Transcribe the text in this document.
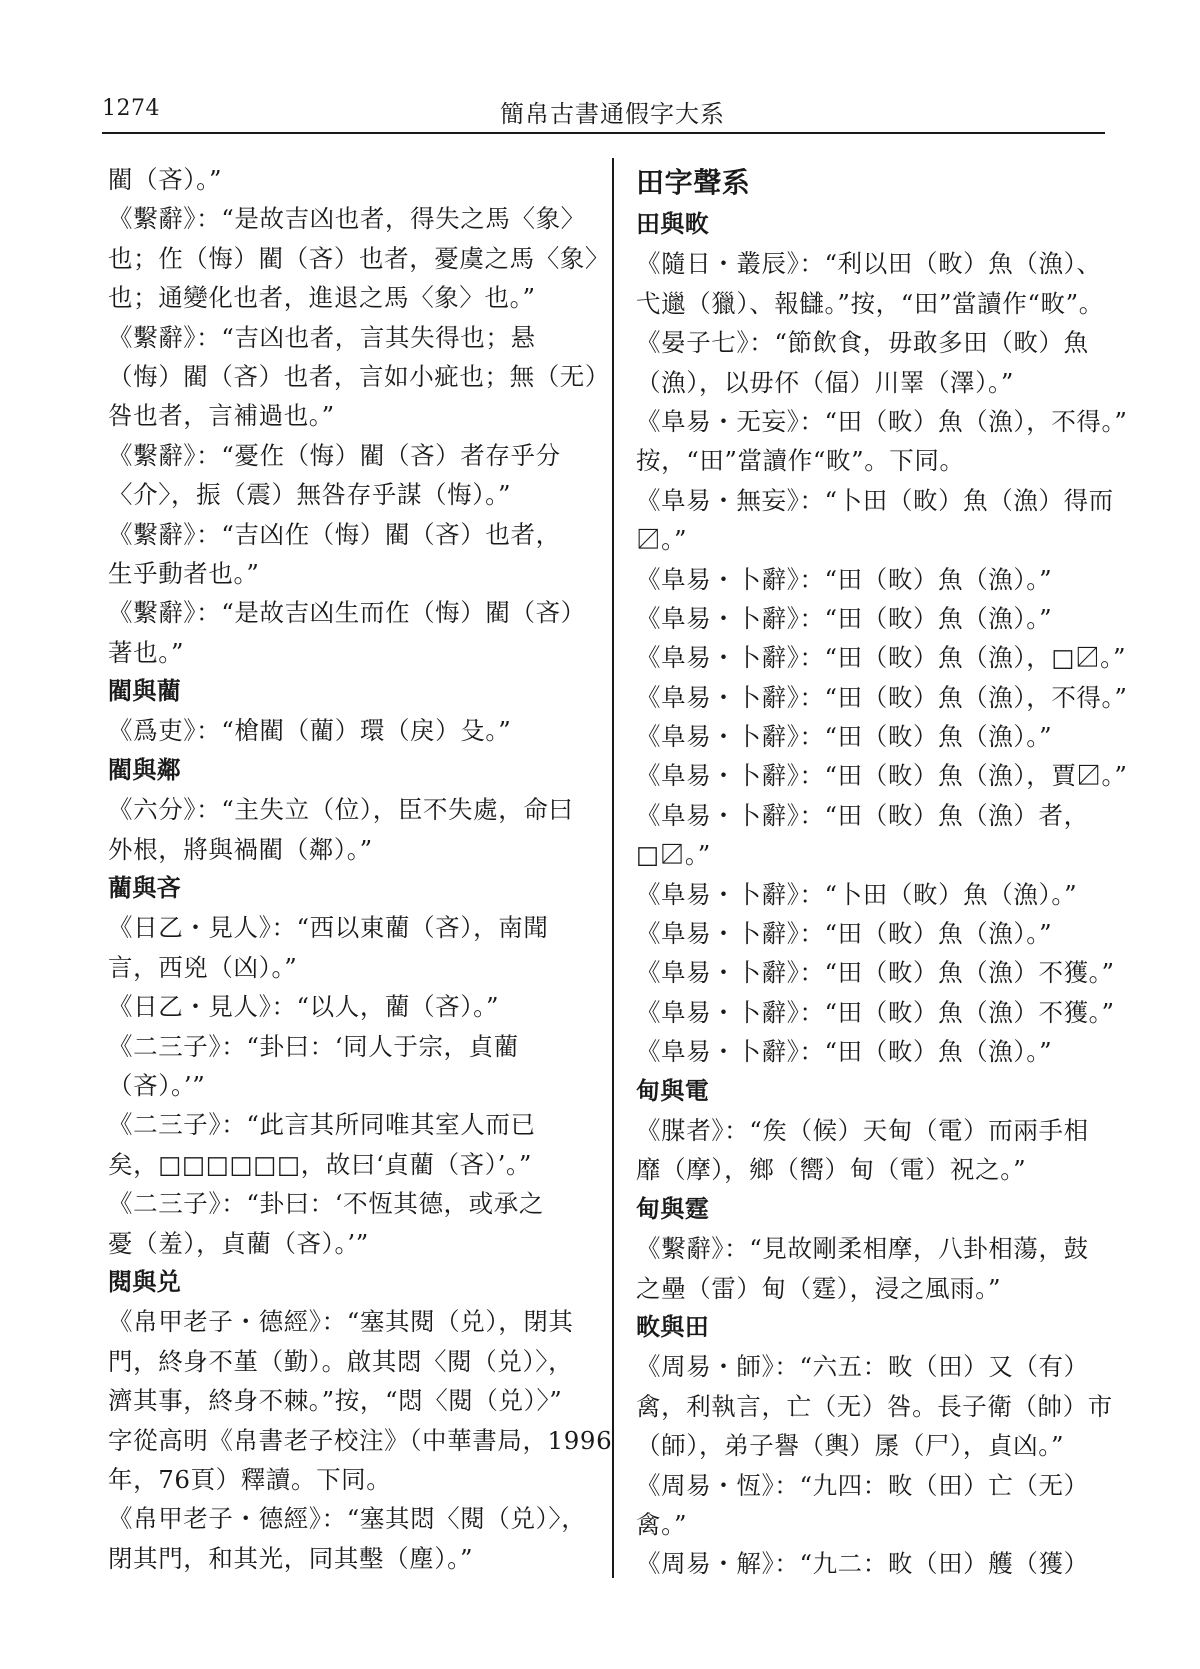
1274	簡帛古書通假字大系
閵（吝）。”
《繫辭》：“是故吉凶也者，得失之馬〈象〉
也；㑅（悔）閵（吝）也者，憂虞之馬〈象〉
也；通變化也者，進退之馬〈象〉也。”
《繫辭》：“吉凶也者，言其失得也；悬
（悔）閵（吝）也者，言如小疵也；無（无）
咎也者，言補過也。”
《繫辭》：“憂㑅（悔）閵（吝）者存乎分
〈介〉，振（震）無咎存乎謀（悔）。”
《繫辭》：“吉凶㑅（悔）閵（吝）也者，
生乎動者也。”
《繫辭》：“是故吉凶生而㑅（悔）閵（吝）
著也。”
閵與藺
《爲吏》：“槍閵（藺）環（戾）殳。”
閵與鄰
《六分》：“主失立（位），臣不失處，命曰
外根，將與禍閵（鄰）。”
藺與吝
《日乙・見人》：“西以東藺（吝），南聞
言，西兇（凶）。”
《日乙・見人》：“以人，藺（吝）。”
《二三子》：“卦曰：‘同人于宗，貞藺
（吝）。’”
《二三子》：“此言其所同唯其室人而已
矣，□□□□□□，故曰‘貞藺（吝）’。”
《二三子》：“卦曰：‘不恆其德，或承之
憂（羞），貞藺（吝）。’”
閱與兑
《帛甲老子・德經》：“塞其閱（兑），閉其
門，終身不堇（勤）。啟其悶〈閱（兑）〉，
濟其事，終身不棘。”按，“悶〈閱（兑）〉”
字從高明《帛書老子校注》（中華書局，1996
年，76頁）釋讀。下同。
《帛甲老子・德經》：“塞其悶〈閱（兑）〉，
閉其門，和其光，同其墼（塵）。”
田字聲系
田與畋
《隨日・叢辰》：“利以田（畋）魚（漁）、
弋邋（獵）、報讎。”按，“田”當讀作“畋”。
《晏子七》：“節飲食，毋敢多田（畋）魚
（漁），以毋伓（偪）川睪（澤）。”
《阜易・无妄》：“田（畋）魚（漁），不得。”
按，“田”當讀作“畋”。下同。
《阜易・無妄》：“卜田（畋）魚（漁）得而
〼。”
《阜易・卜辭》：“田（畋）魚（漁）。”
《阜易・卜辭》：“田（畋）魚（漁）。”
《阜易・卜辭》：“田（畋）魚（漁），□〼。”
《阜易・卜辭》：“田（畋）魚（漁），不得。”
《阜易・卜辭》：“田（畋）魚（漁）。”
《阜易・卜辭》：“田（畋）魚（漁），賈〼。”
《阜易・卜辭》：“田（畋）魚（漁）者，
□〼。”
《阜易・卜辭》：“卜田（畋）魚（漁）。”
《阜易・卜辭》：“田（畋）魚（漁）。”
《阜易・卜辭》：“田（畋）魚（漁）不獲。”
《阜易・卜辭》：“田（畋）魚（漁）不獲。”
《阜易・卜辭》：“田（畋）魚（漁）。”
甸與電
《腜者》：“矦（候）天甸（電）而兩手相
靡（摩），鄉（嚮）甸（電）祝之。”
甸與霆
《繫辭》：“見故剛柔相摩，八卦相蕩，鼓
之壘（雷）甸（霆），浸之風雨。”
畋與田
《周易・師》：“六五：畋（田）又（有）
禽，利執言，亡（无）咎。長子衛（帥）市
（師），弟子譽（輿）㞙（尸），貞凶。”
《周易・恆》：“九四：畋（田）亡（无）
禽。”
《周易・解》：“九二：畋（田）艧（獲）
